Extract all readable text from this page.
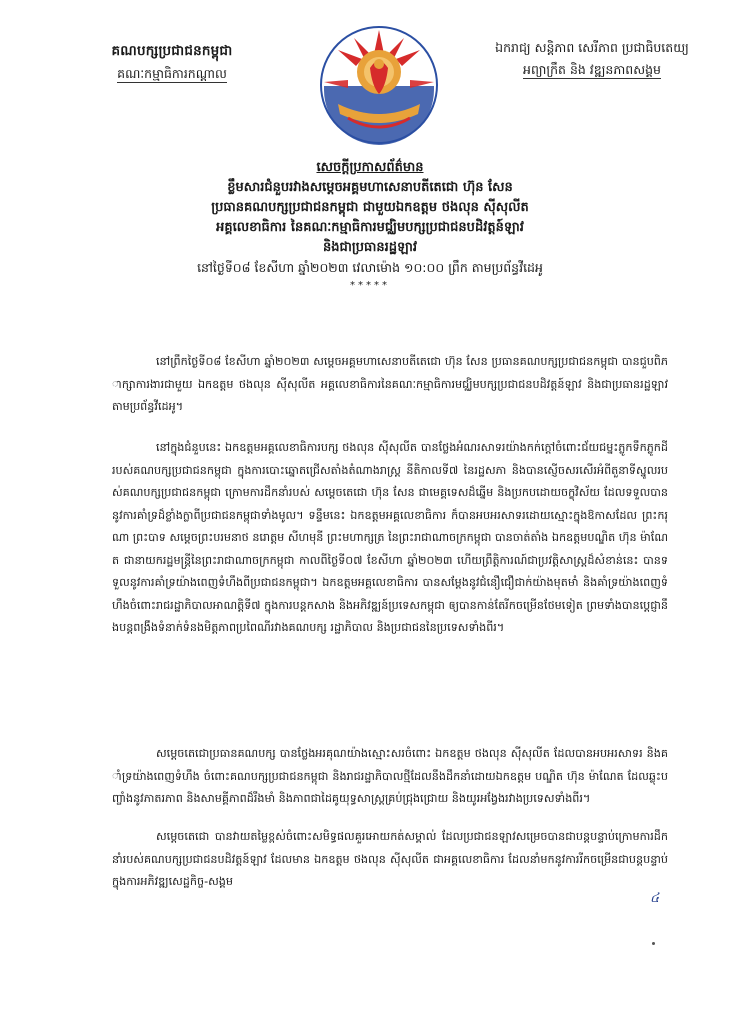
គណបក្សប្រជាជនកម្ពុជា
គណៈកម្មាធិការកណ្តាល
ឯករាជ្យ សន្តិភាព សេរីភាព ប្រជាធិបតេយ្យ
អព្យាក្រឹត និង វឌ្ឍនភាពសង្គម
សេចក្តីប្រកាសព័ត៌មាន
ខ្លឹមសារជំនួបរវាងសម្តេចអគ្គមហាសេនាបតីតេជោ ហ៊ុន សែន
ប្រធានគណបក្សប្រជាជនកម្ពុជា ជាមួយឯកឧត្តម ថងលុន ស៊ីសុលីត
អគ្គលេខាធិការ នៃគណៈកម្មាធិការមជ្ឈិមបក្សប្រជាជនបដិវត្តន៍ឡាវ
និងជាប្រធានរដ្ឋឡាវ
នៅថ្ងៃទី០៨ ខែសីហា ឆ្នាំ២០២៣ វេលាម៉ោង ១០:០០ ព្រឹក តាមប្រព័ន្ធវីដេអូ
*****

នៅព្រឹកថ្ងៃទី០៨ ខែសីហា ឆ្នាំ២០២៣ សម្តេចអគ្គមហាសេនាបតីតេជោ ហ៊ុន សែន ប្រធានគណបក្សប្រជាជនកម្ពុជា បានជួបពិភាក្សាការងារជាមួយ ឯកឧត្តម ថងលុន ស៊ីសុលីត អគ្គលេខាធិការនៃគណៈកម្មាធិការមជ្ឈិមបក្សប្រជាជនបដិវត្តន៍ឡាវ និងជាប្រធានរដ្ឋឡាវ តាមប្រព័ន្ធវីដេអូ។

នៅក្នុងជំនួបនេះ ឯកឧត្តមអគ្គលេខាធិការបក្ស ថងលុន ស៊ីសុលីត បានថ្លែងអំណរសាទរយ៉ាងកក់ក្តៅចំពោះជ័យជម្នះភ្លូកទឹកភ្លូកដីរបស់គណបក្សប្រជាជនកម្ពុជា ក្នុងការបោះឆ្នោតជ្រើសតាំងតំណាងរាស្ត្រ នីតិកាលទី៧ នៃរដ្ឋសភា និងបានស្ញើចសរសើរអំពីតួនាទីស្នូលរបស់គណបក្សប្រជាជនកម្ពុជា ក្រោមការដឹកនាំរបស់ សម្តេចតេជោ ហ៊ុន សែន ជាមេគ្គទេសដ៏ឆ្នើម និងប្រកបដោយចក្ខុវិស័យ ដែលទទួលបាននូវការគាំទ្រដ៏ខ្លាំងក្លាពីប្រជាជនកម្ពុជាទាំងមូល។ ទន្ទឹមនេះ ឯកឧត្តមអគ្គលេខាធិការ ក៏បានអបអរសាទរដោយស្មោះក្នុងឱកាសដែល ព្រះករុណា ព្រះបាទ សម្តេចព្រះបរមនាថ នរោត្តម សីហមុនី ព្រះមហាក្សត្រ នៃព្រះរាជាណាចក្រកម្ពុជា បានចាត់តាំង ឯកឧត្តមបណ្ឌិត ហ៊ុន ម៉ាណែត ជានាយករដ្ឋមន្ត្រីនៃព្រះរាជាណាចក្រកម្ពុជា កាលពីថ្ងៃទី០៧ ខែសីហា ឆ្នាំ២០២៣ ហើយព្រឹត្តិការណ៍ជាប្រវត្តិសាស្ត្រដ៏សំខាន់នេះ បានទទួលនូវការគាំទ្រយ៉ាងពេញទំហឹងពីប្រជាជនកម្ពុជា។ ឯកឧត្តមអគ្គលេខាធិការ បានសម្តែងនូវជំនឿជឿជាក់យ៉ាងមុតមាំ និងគាំទ្រយ៉ាងពេញទំហឹងចំពោះរាជរដ្ឋាភិបាលអាណត្តិទី៧ ក្នុងការបន្តកសាង និងអភិវឌ្ឍន៍ប្រទេសកម្ពុជា ឲ្យបានកាន់តែរីកចម្រើនថែមទៀត ព្រមទាំងបានប្តេជ្ញានឹងបន្តពង្រឹងទំនាក់ទំនងមិត្តភាពប្រពៃណីរវាងគណបក្ស រដ្ឋាភិបាល និងប្រជាជននៃប្រទេសទាំងពីរ។

សម្តេចតេជោប្រធានគណបក្ស បានថ្លែងអរគុណយ៉ាងស្មោះសរចំពោះ ឯកឧត្តម ថងលុន ស៊ីសុលីត ដែលបានអបអរសាទរ និងគាំទ្រយ៉ាងពេញទំហឹង ចំពោះគណបក្សប្រជាជនកម្ពុជា និងរាជរដ្ឋាភិបាលថ្មីដែលនឹងដឹកនាំដោយឯកឧត្តម បណ្ឌិត ហ៊ុន ម៉ាណែត ដែលឆ្លុះបញ្ចាំងនូវភាតរភាព និងសាមគ្គីភាពដ៏រឹងមាំ និងភាពជាដៃគូយុទ្ធសាស្ត្រគ្រប់ជ្រុងជ្រោយ និងយូរអង្វែងរវាងប្រទេសទាំងពីរ។

សម្តេចតេជោ បានវាយតម្លៃខ្ពស់ចំពោះសមិទ្ធផលគួរអោយកត់សម្គាល់ ដែលប្រជាជនឡាវសម្រេចបានជាបន្តបន្ទាប់ក្រោមការដឹកនាំរបស់គណបក្សប្រជាជនបដិវត្តន៍ឡាវ ដែលមាន ឯកឧត្តម ថងលុន ស៊ីសុលីត ជាអគ្គលេខាធិការ ដែលនាំមកនូវការរីកចម្រើនជាបន្តបន្ទាប់ក្នុងការអភិវឌ្ឍសេដ្ឋកិច្ច-សង្គម

៤
